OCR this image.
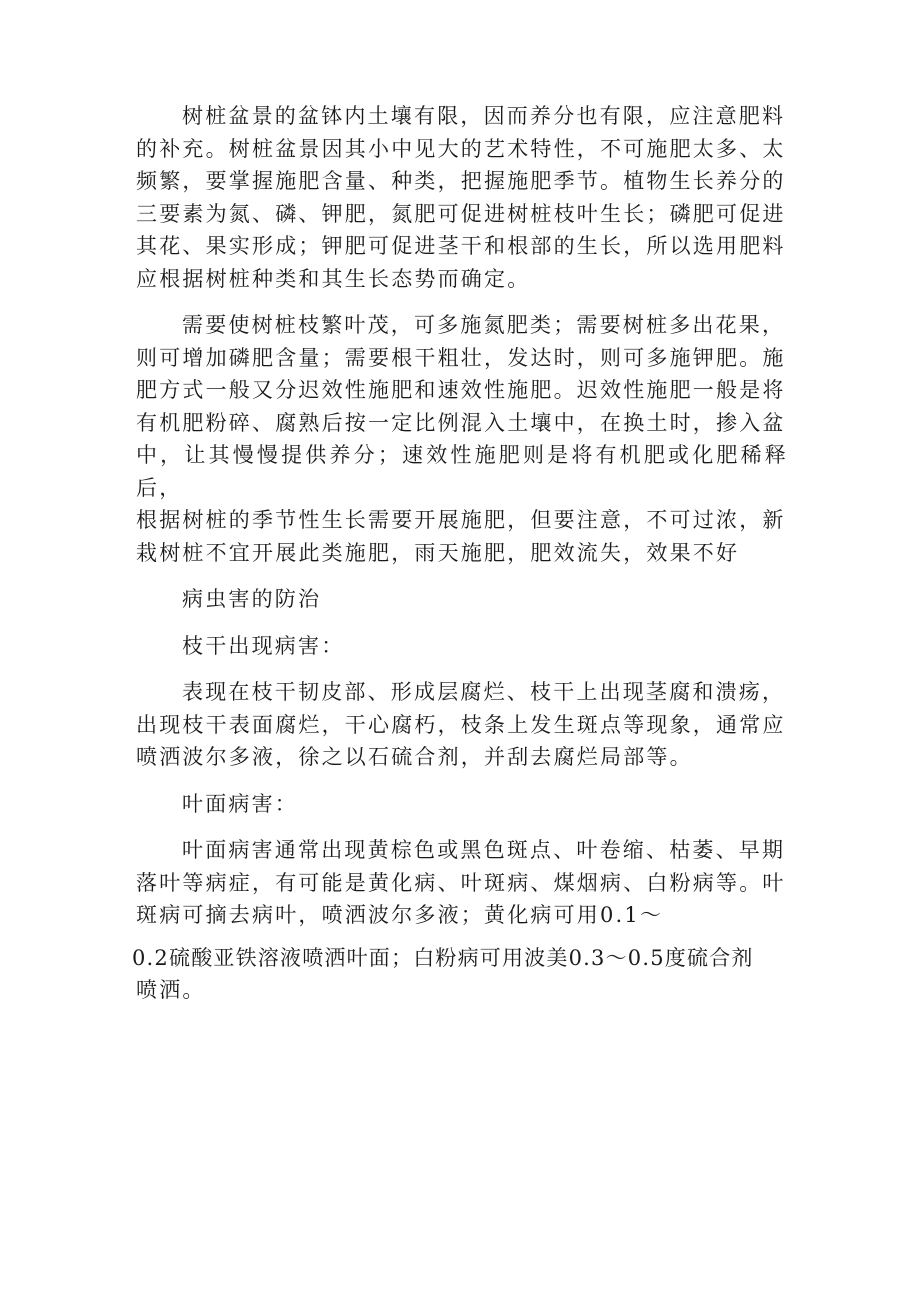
树桩盆景的盆钵内土壤有限，因而养分也有限，应注意肥料
的补充。树桩盆景因其小中见大的艺术特性，不可施肥太多、太
频繁，要掌握施肥含量、种类，把握施肥季节。植物生长养分的
三要素为氮、磷、钾肥，氮肥可促进树桩枝叶生长；磷肥可促进
其花、果实形成；钾肥可促进茎干和根部的生长，所以选用肥料
应根据树桩种类和其生长态势而确定。

需要使树桩枝繁叶茂，可多施氮肥类；需要树桩多出花果，
则可增加磷肥含量；需要根干粗壮，发达时，则可多施钾肥。施
肥方式一般又分迟效性施肥和速效性施肥。迟效性施肥一般是将
有机肥粉碎、腐熟后按一定比例混入土壤中，在换土时，掺入盆
中，让其慢慢提供养分；速效性施肥则是将有机肥或化肥稀释后，
根据树桩的季节性生长需要开展施肥，但要注意，不可过浓，新
栽树桩不宜开展此类施肥，雨天施肥，肥效流失，效果不好

病虫害的防治

枝干出现病害：

表现在枝干韧皮部、形成层腐烂、枝干上出现茎腐和溃疡，
出现枝干表面腐烂，干心腐朽，枝条上发生斑点等现象，通常应
喷洒波尔多液，徐之以石硫合剂，并刮去腐烂局部等。

叶面病害：

叶面病害通常出现黄棕色或黑色斑点、叶卷缩、枯萎、早期
落叶等病症，有可能是黄化病、叶斑病、煤烟病、白粉病等。叶
斑病可摘去病叶，喷洒波尔多液；黄化病可用0.1～

0.2硫酸亚铁溶液喷洒叶面；白粉病可用波美0.3～0.5度硫合剂
喷洒。
